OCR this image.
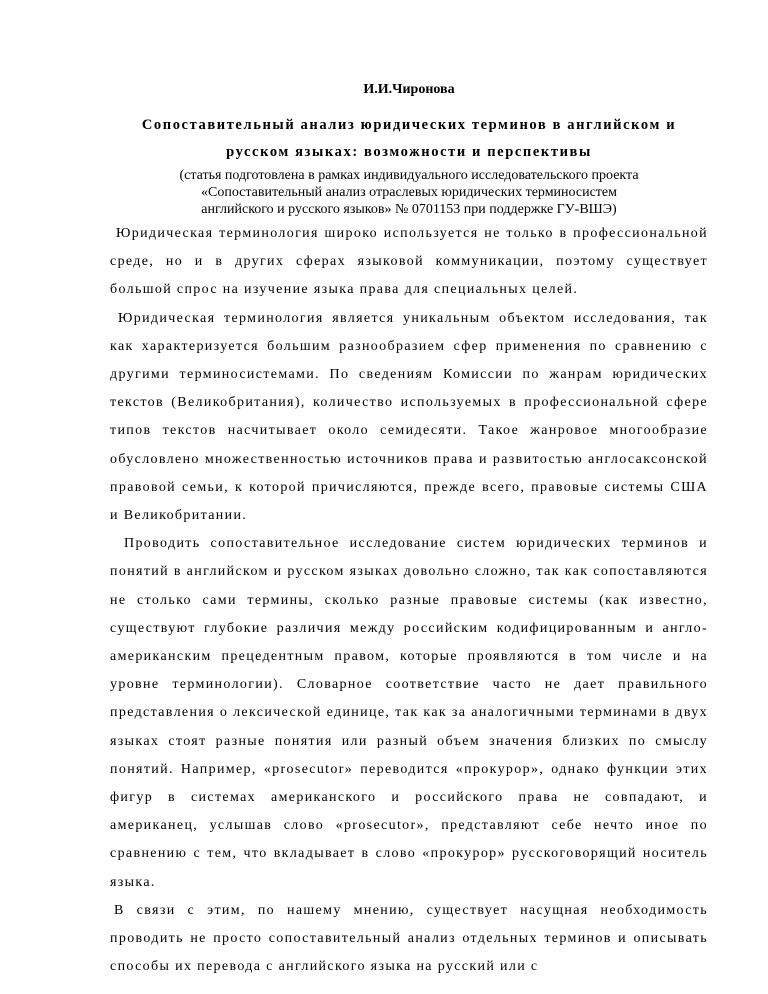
И.И.Чиронова
Сопоставительный анализ юридических терминов в английском и
русском языках: возможности и перспективы
(статья подготовлена в рамках индивидуального исследовательского проекта
«Сопоставительный анализ отраслевых юридических терминосистем
английского и русского языков» № 0701153 при поддержке ГУ-ВШЭ)

Юридическая терминология широко используется не только в профессиональной среде, но и в других сферах языковой коммуникации, поэтому существует большой спрос на изучение языка права для специальных целей.

Юридическая терминология является уникальным объектом исследования, так как характеризуется большим разнообразием сфер применения по сравнению с другими терминосистемами. По сведениям Комиссии по жанрам юридических текстов (Великобритания), количество используемых в профессиональной сфере типов текстов насчитывает около семидесяти. Такое жанровое многообразие обусловлено множественностью источников права и развитостью англосаксонской правовой семьи, к которой причисляются, прежде всего, правовые системы США и Великобритании.

Проводить сопоставительное исследование систем юридических терминов и понятий в английском и русском языках довольно сложно, так как сопоставляются не столько сами термины, сколько разные правовые системы (как известно, существуют глубокие различия между российским кодифицированным и англо-американским прецедентным правом, которые проявляются в том числе и на уровне терминологии). Словарное соответствие часто не дает правильного представления о лексической единице, так как за аналогичными терминами в двух языках стоят разные понятия или разный объем значения близких по смыслу понятий. Например, «prosecutor» переводится «прокурор», однако функции этих фигур в системах американского и российского права не совпадают, и американец, услышав слово «prosecutor», представляют себе нечто иное по сравнению с тем, что вкладывает в слово «прокурор» русскоговорящий носитель языка.

В связи с этим, по нашему мнению, существует насущная необходимость проводить не просто сопоставительный анализ отдельных терминов и описывать способы их перевода с английского языка на русский или с
